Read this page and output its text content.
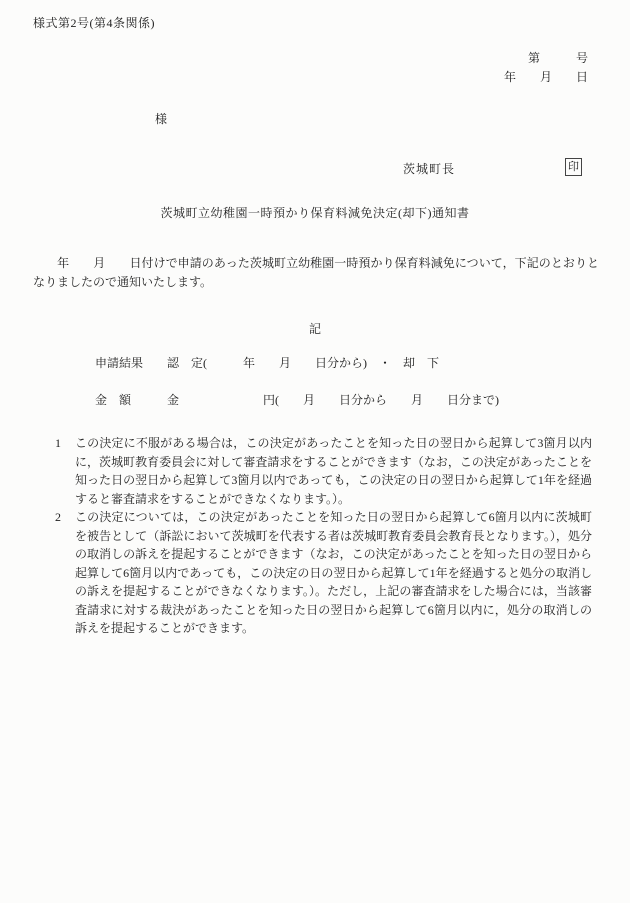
様式第2号(第4条関係)
第　　　号
年　　月　　日
様
茨城町長	印
茨城町立幼稚園一時預かり保育料減免決定(却下)通知書
　　年　　月　　日付けで申請のあった茨城町立幼稚園一時預かり保育料減免について，下記のとおりとなりましたので通知いたします。
記
申請結果　　認　定(　　　年　　月　　日分から)　・　却　下
金　額　　　金　　　　　　　円(　　月　　日分から　　月　　日分まで)
1	この決定に不服がある場合は，この決定があったことを知った日の翌日から起算して3箇月以内に，茨城町教育委員会に対して審査請求をすることができます（なお，この決定があったことを知った日の翌日から起算して3箇月以内であっても，この決定の日の翌日から起算して1年を経過すると審査請求をすることができなくなります。）。
2	この決定については，この決定があったことを知った日の翌日から起算して6箇月以内に茨城町を被告として（訴訟において茨城町を代表する者は茨城町教育委員会教育長となります。），処分の取消しの訴えを提起することができます（なお，この決定があったことを知った日の翌日から起算して6箇月以内であっても，この決定の日の翌日から起算して1年を経過すると処分の取消しの訴えを提起することができなくなります。）。ただし，上記の審査請求をした場合には，当該審査請求に対する裁決があったことを知った日の翌日から起算して6箇月以内に，処分の取消しの訴えを提起することができます。
